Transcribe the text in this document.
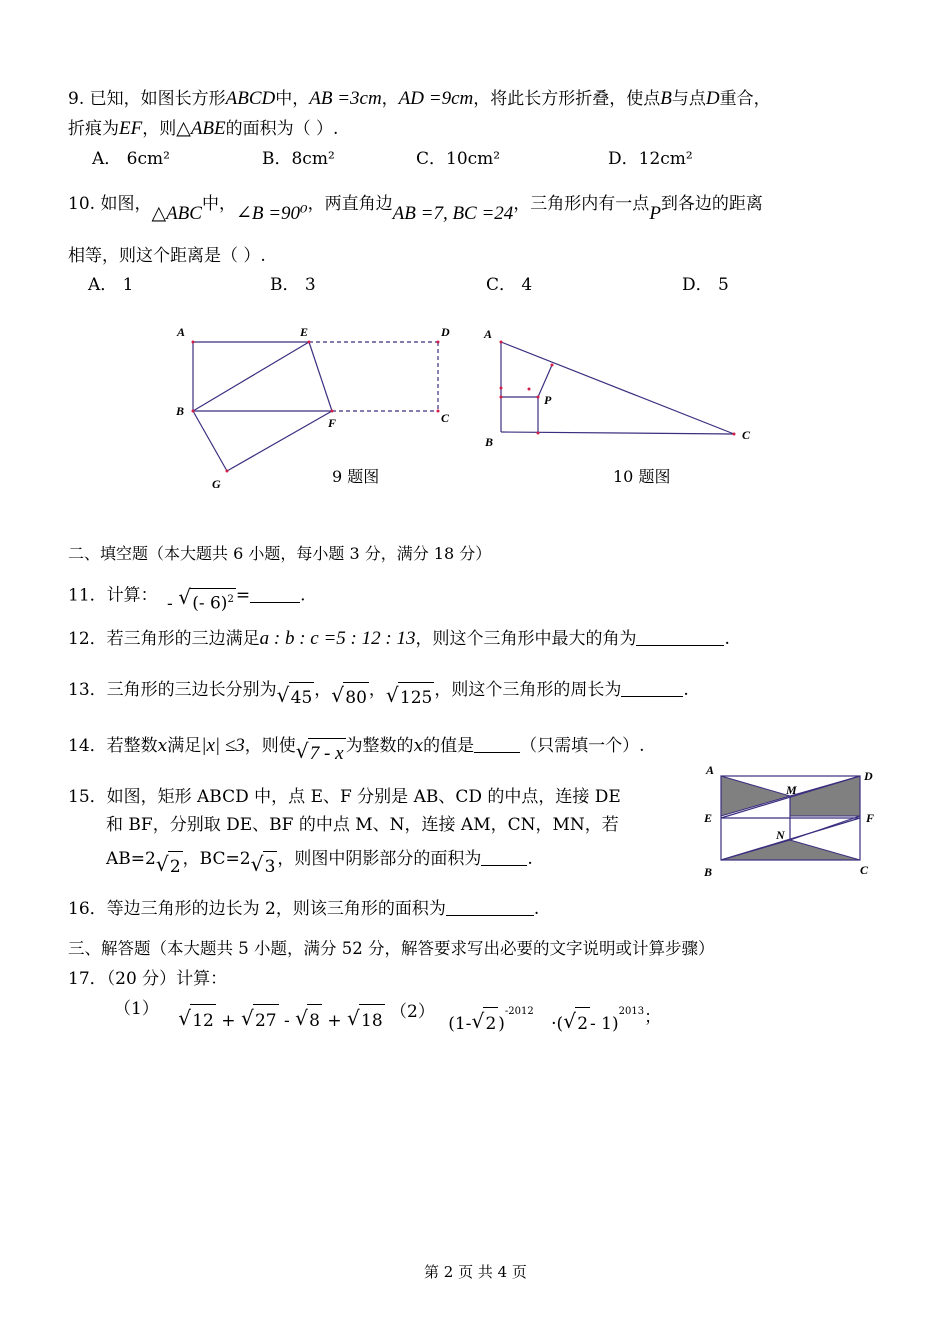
9. 已知，如图长方形ABCD中，AB =3cm，AD =9cm，将此长方形折叠，使点B与点D重合，
折痕为EF，则△ABE的面积为（ ）.
A． 6cm²	B．8cm²	C．10cm²	D．12cm²
10. 如图，△ABC中，∠B =90⁰，两直角边AB =7, BC =24，三角形内有一点P到各边的距离
相等，则这个距离是（ ）.
A． 1	B． 3	C． 4	D． 5
A	E	D
B
F	C
G	9 题图
A
P
B	C
10 题图
二、填空题（本大题共 6 小题，每小题 3 分，满分 18 分）
11．计算： - √ (- 6)$^2$ =	.
12．若三角形的三边满足a : b : c =5 : 12 : 13，则这个三角形中最大的角为	.
13．三角形的三边长分别为 √ 45 ， √ 80 ， √ 125 ，则这个三角形的周长为	.
14．若整数x满足|x| ≤3，则使 √ 7 - x 为整数的x的值是	（只需填一个）.
15．如图，矩形 ABCD 中，点 E、F 分别是 AB、CD 的中点，连接 DE
和 BF，分别取 DE、BF 的中点 M、N，连接 AM，CN，MN，若
AB=2 √ 2 ，BC=2 √ 3 ，则图中阴影部分的面积为	.
A	D
M
E	F
N
B	C
16．等边三角形的边长为 2，则该三角形的面积为	.
三、解答题（本大题共 5 小题，满分 52 分，解答要求写出必要的文字说明或计算步骤）
17．（20 分）计算：
（1） √ 12 + √ 27 - √ 8 + √ 18 （2） (1- √ 2 )$^{-2012}$ ·( √ 2 - 1)$^{2013}$；
第 2 页 共 4 页
